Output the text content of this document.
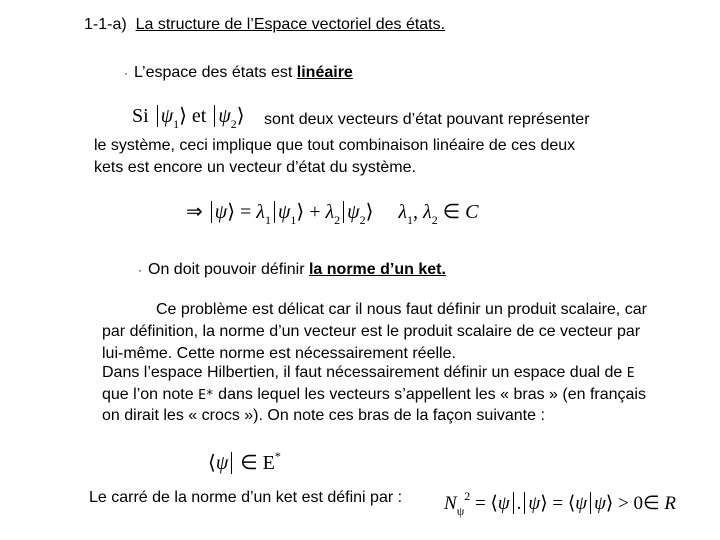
1-1-a) La structure de l’Espace vectoriel des états.
· L’espace des états est linéaire
Si $\psi_1⟩$ et $\psi_2⟩$ sont deux vecteurs d’état pouvant représenter
le système, ceci implique que tout combinaison linéaire de ces deux
kets est encore un vecteur d’état du système.
⇒ ψ⟩ = $\lambda_1$ $\psi_1⟩ + \lambda_2$ $\psi_2⟩$     $\lambda_1$, $\lambda_2$ ∈ C
· On doit pouvoir définir la norme d’un ket.
Ce problème est délicat car il nous faut définir un produit scalaire, car
par définition, la norme d’un vecteur est le produit scalaire de ce vecteur par
lui-même. Cette norme est nécessairement réelle.
Dans l’espace Hilbertien, il faut nécessairement définir un espace dual de E
que l’on note E* dans lequel les vecteurs s’appellent les « bras » (en français
on dirait les « crocs »). On note ces bras de la façon suivante :
⟨ψ ∈ E*
Le carré de la norme d’un ket est défini par : $N_\psi^2$ = ⟨ψ . ψ⟩ = ⟨ψ ψ⟩ > 0∈ R
